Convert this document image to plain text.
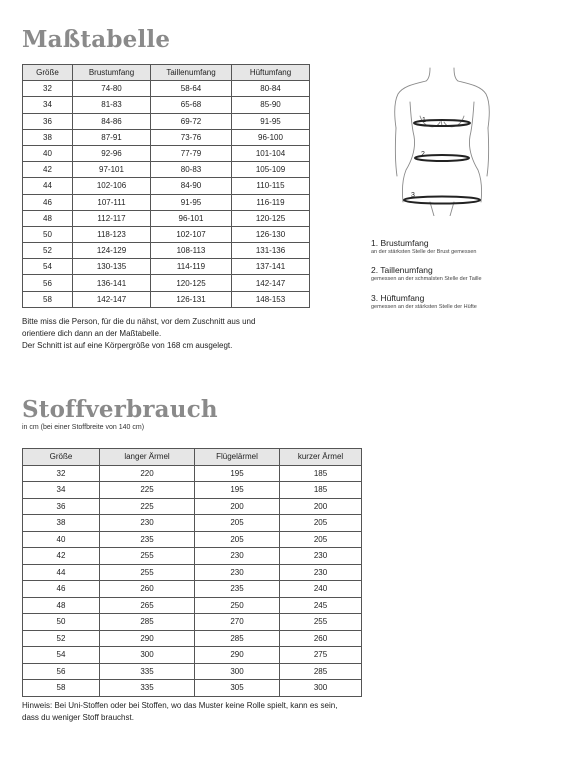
Maßtabelle
Größe	Brustumfang	Taillenumfang	Hüftumfang
32	74-80	58-64	80-84
34	81-83	65-68	85-90
36	84-86	69-72	91-95
38	87-91	73-76	96-100
40	92-96	77-79	101-104
42	97-101	80-83	105-109
44	102-106	84-90	110-115
46	107-111	91-95	116-119
48	112-117	96-101	120-125
50	118-123	102-107	126-130
52	124-129	108-113	131-136
54	130-135	114-119	137-141
56	136-141	120-125	142-147
58	142-147	126-131	148-153

Bitte miss die Person, für die du nähst, vor dem Zuschnitt aus und
orientiere dich dann an der Maßtabelle.
Der Schnitt ist auf eine Körpergröße von 168 cm ausgelegt.

1
2
3
1. Brustumfang
an der stärksten Stelle der Brust gemessen
2. Taillenumfang
gemessen an der schmalsten Stelle der Taille
3. Hüftumfang
gemessen an der stärksten Stelle der Hüfte
Stoffverbrauch
in cm (bei einer Stoffbreite von 140 cm)
Größe	langer Ärmel	Flügelärmel	kurzer Ärmel
32	220	195	185
34	225	195	185
36	225	200	200
38	230	205	205
40	235	205	205
42	255	230	230
44	255	230	230
46	260	235	240
48	265	250	245
50	285	270	255
52	290	285	260
54	300	290	275
56	335	300	285
58	335	305	300

Hinweis: Bei Uni-Stoffen oder bei Stoffen, wo das Muster keine Rolle spielt, kann es sein,
dass du weniger Stoff brauchst.
